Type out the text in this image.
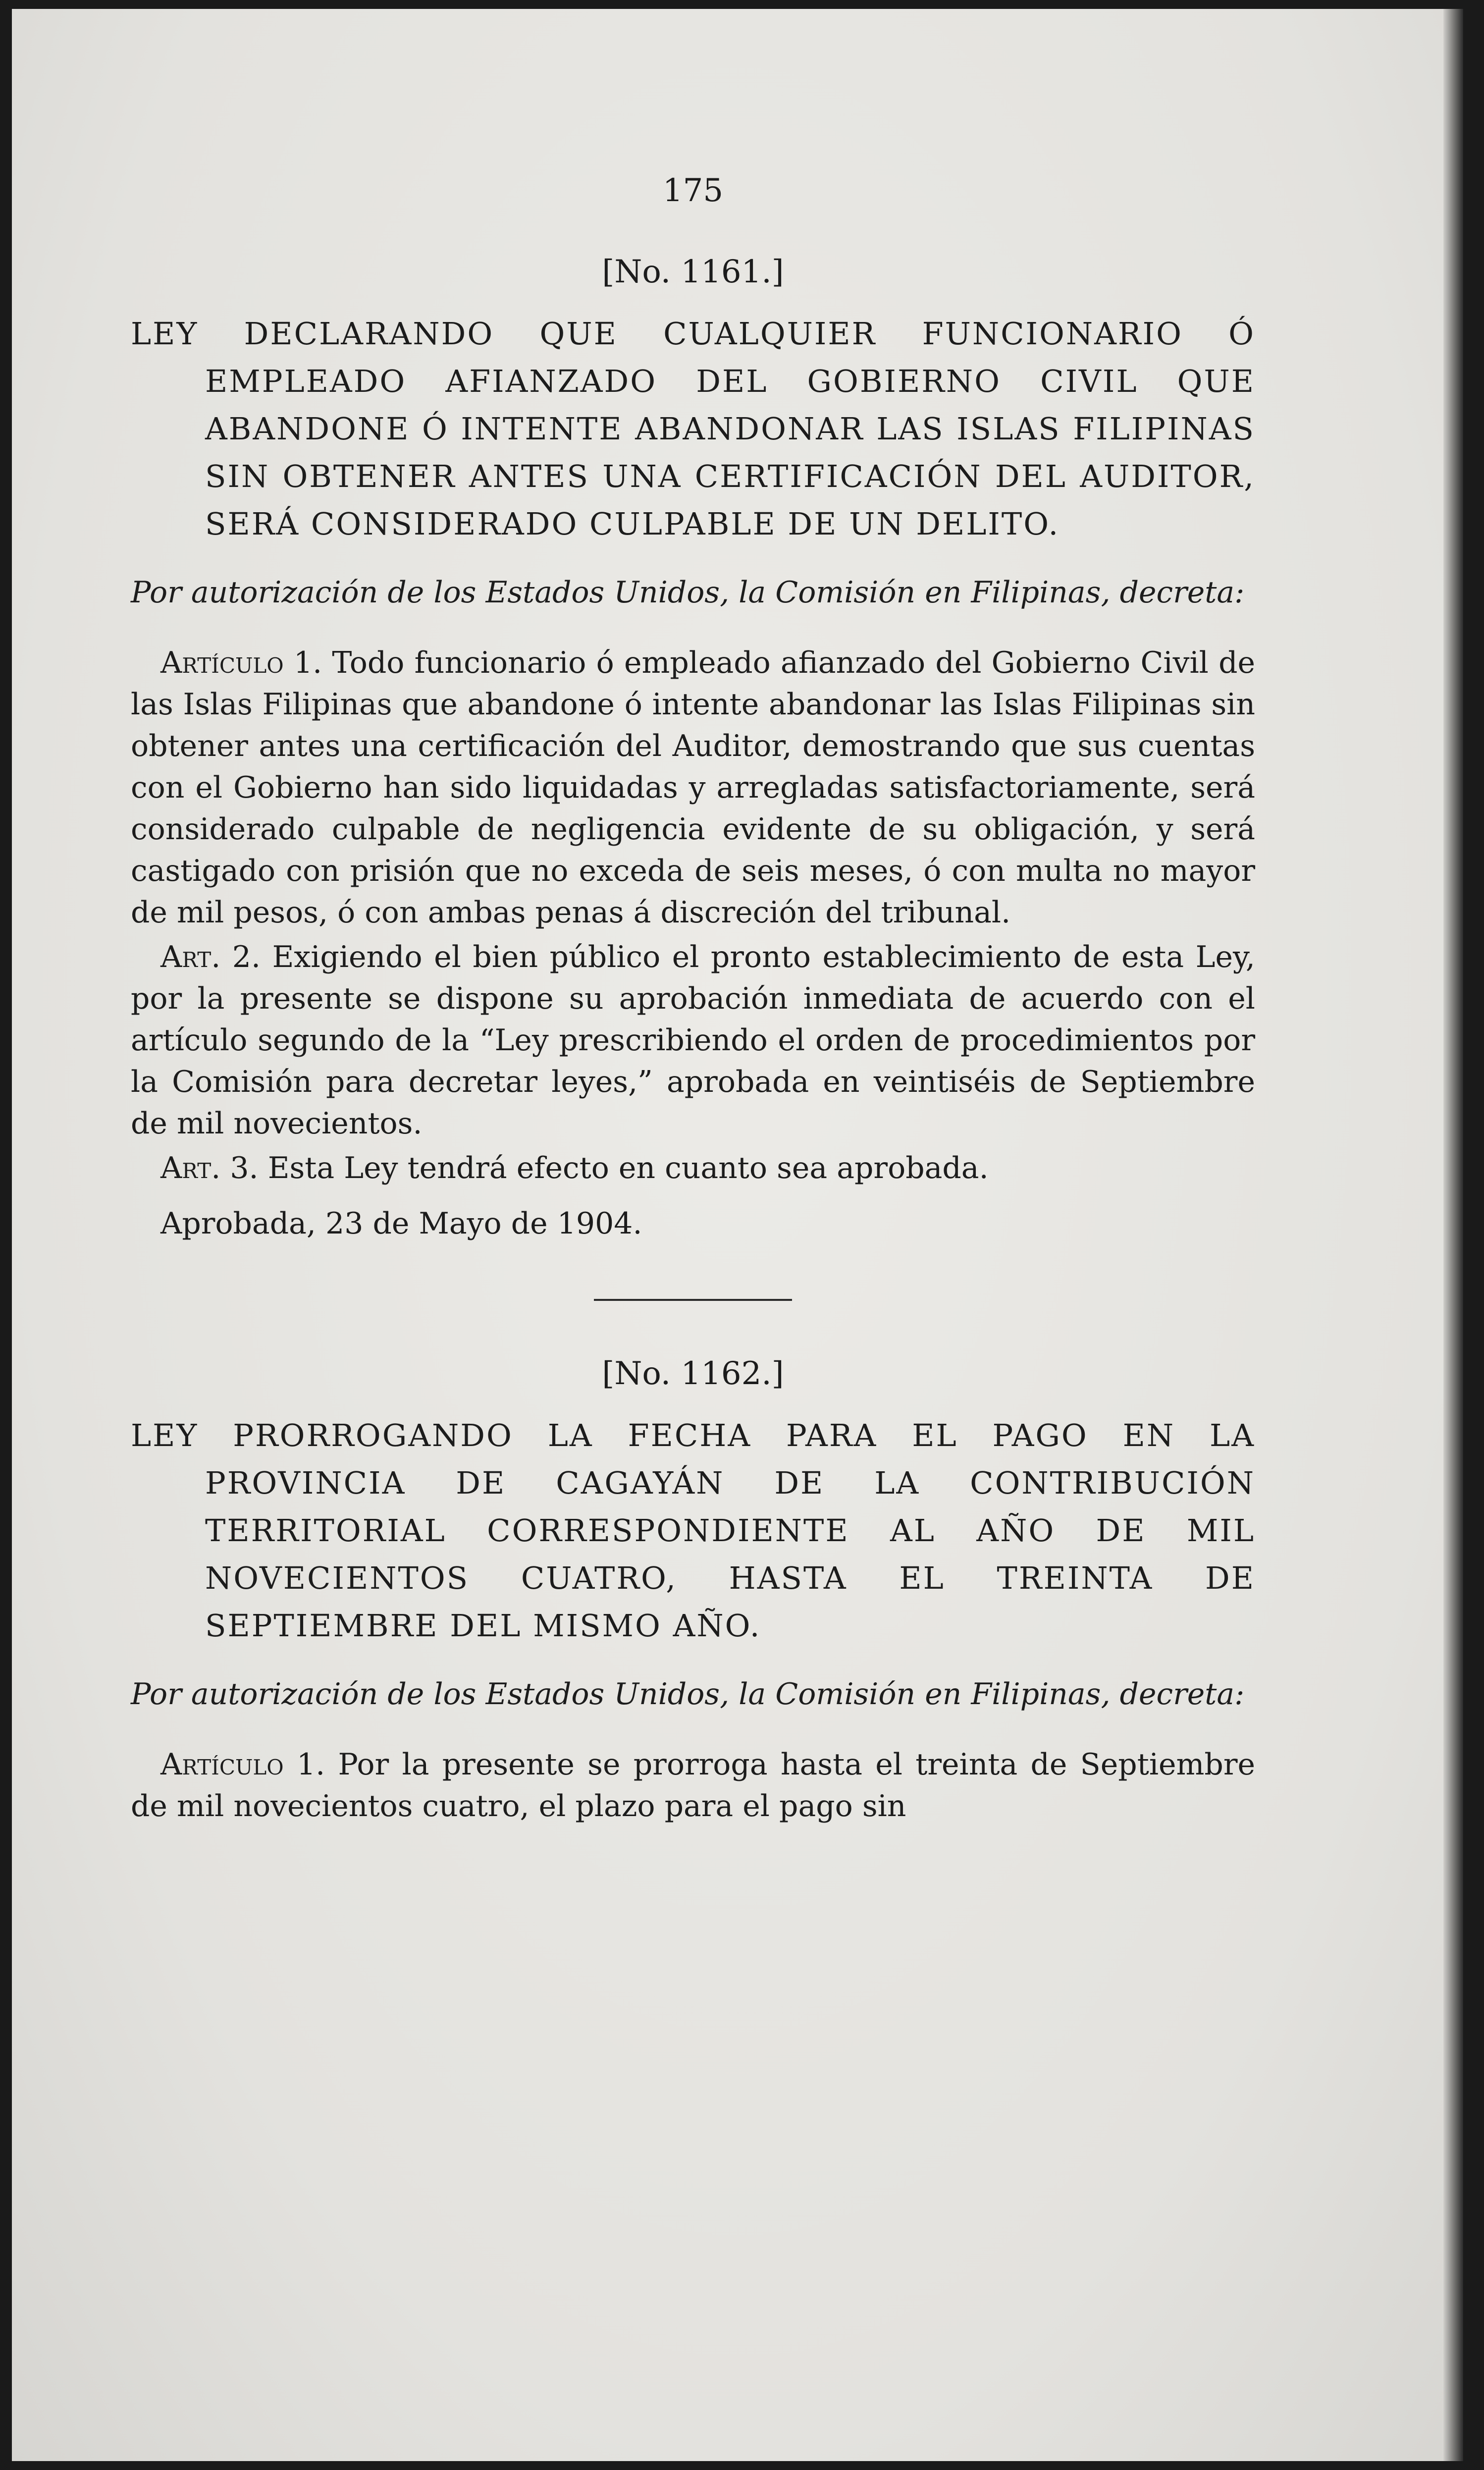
175
[No. 1161.]
LEY DECLARANDO QUE CUALQUIER FUNCIONARIO Ó EMPLEADO AFIANZADO DEL GOBIERNO CIVIL QUE ABANDONE Ó INTENTE ABANDONAR LAS ISLAS FILIPINAS SIN OBTENER ANTES UNA CERTIFICACIÓN DEL AUDITOR, SERÁ CONSIDERADO CULPABLE DE UN DELITO.
Por autorización de los Estados Unidos, la Comisión en Filipinas, decreta:

Artículo 1. Todo funcionario ó empleado afianzado del Gobierno Civil de las Islas Filipinas que abandone ó intente abandonar las Islas Filipinas sin obtener antes una certificación del Auditor, demostrando que sus cuentas con el Gobierno han sido liquidadas y arregladas satisfactoriamente, será considerado culpable de negligencia evidente de su obligación, y será castigado con prisión que no exceda de seis meses, ó con multa no mayor de mil pesos, ó con ambas penas á discreción del tribunal.

Art. 2. Exigiendo el bien público el pronto establecimiento de esta Ley, por la presente se dispone su aprobación inmediata de acuerdo con el artículo segundo de la “Ley prescribiendo el orden de procedimientos por la Comisión para decretar leyes,” aprobada en veintiséis de Septiembre de mil novecientos.

Art. 3. Esta Ley tendrá efecto en cuanto sea aprobada.

Aprobada, 23 de Mayo de 1904.

[No. 1162.]
LEY PRORROGANDO LA FECHA PARA EL PAGO EN LA PROVINCIA DE CAGAYÁN DE LA CONTRIBUCIÓN TERRITORIAL CORRESPONDIENTE AL AÑO DE MIL NOVECIENTOS CUATRO, HASTA EL TREINTA DE SEPTIEMBRE DEL MISMO AÑO.
Por autorización de los Estados Unidos, la Comisión en Filipinas, decreta:

Artículo 1. Por la presente se prorroga hasta el treinta de Septiembre de mil novecientos cuatro, el plazo para el pago sin
